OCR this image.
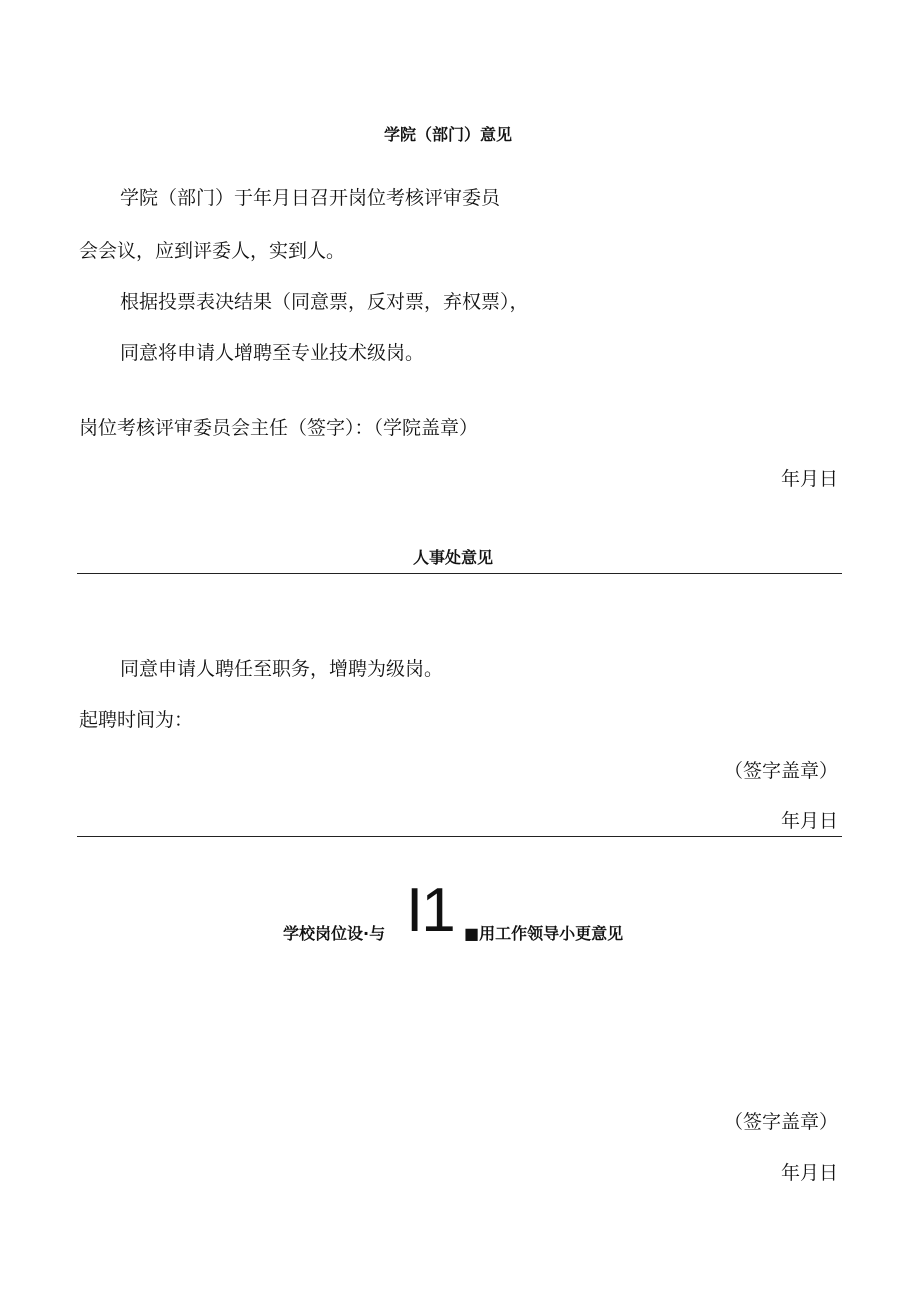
学院（部门）意见
学院（部门）于年月日召开岗位考核评审委员
会会议，应到评委人，实到人。
根据投票表决结果（同意票，反对票，弃权票），
同意将申请人增聘至专业技术级岗。
岗位考核评审委员会主任（签字）：（学院盖章）
年月日
人事处意见
同意申请人聘任至职务，增聘为级岗。
起聘时间为：
（签字盖章）
年月日
学校岗位设·与 I1 ■用工作领导小更意见
（签字盖章）
年月日
